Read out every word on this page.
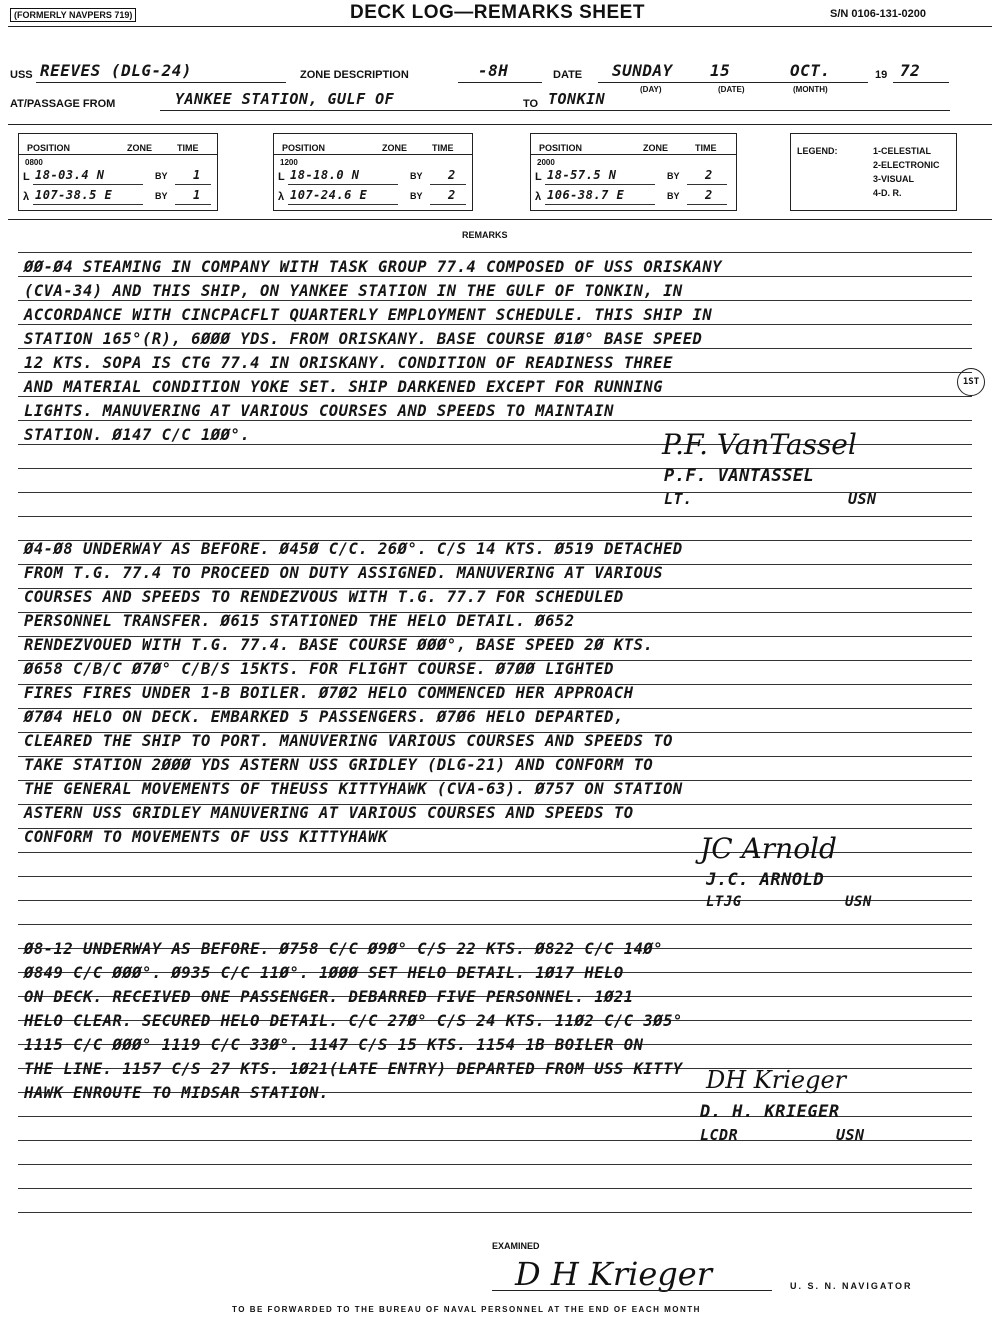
(FORMERLY NAVPERS 719)	DECK LOG—REMARKS SHEET	S/N 0106-131-0200
USS REEVES (DLG-24)	ZONE DESCRIPTION	-8H	DATE SUNDAY 15	OCT.	19 72
(DAY)	(DATE)	(MONTH)
AT/PASSAGE FROM	YANKEE STATION, GULF OF	TO TONKIN
POSITION	ZONE	TIME
0800
L 18-03.4 N	BY 1
λ 107-38.5 E	BY 1
POSITION	ZONE	TIME
1200
L 18-18.0 N	BY 2
λ 107-24.6 E	BY 2
POSITION	ZONE	TIME
2000
L 18-57.5 N	BY 2
λ 106-38.7 E	BY 2
LEGEND:	1-CELESTIAL
2-ELECTRONIC
3-VISUAL
4-D. R.
REMARKS
ØØ-Ø4 STEAMING IN COMPANY WITH TASK GROUP 77.4 COMPOSED OF USS ORISKANY
(CVA-34) AND THIS SHIP, ON YANKEE STATION IN THE GULF OF TONKIN, IN
ACCORDANCE WITH CINCPACFLT QUARTERLY EMPLOYMENT SCHEDULE. THIS SHIP IN
STATION 165°(R), 6ØØØ YDS. FROM ORISKANY. BASE COURSE Ø1Ø° BASE SPEED
12 KTS. SOPA IS CTG 77.4 IN ORISKANY. CONDITION OF READINESS THREE
AND MATERIAL CONDITION YOKE SET. SHIP DARKENED EXCEPT FOR RUNNING
LIGHTS. MANUVERING AT VARIOUS COURSES AND SPEEDS TO MAINTAIN
STATION. Ø147 C/C 1ØØ°.
1ST
P.F. VanTassel
P.F. VANTASSEL
LT.	USN
Ø4-Ø8 UNDERWAY AS BEFORE. Ø45Ø C/C. 26Ø°. C/S 14 KTS. Ø519 DETACHED
FROM T.G. 77.4 TO PROCEED ON DUTY ASSIGNED. MANUVERING AT VARIOUS
COURSES AND SPEEDS TO RENDEZVOUS WITH T.G. 77.7 FOR SCHEDULED
PERSONNEL TRANSFER. Ø615 STATIONED THE HELO DETAIL. Ø652
RENDEZVOUED WITH T.G. 77.4. BASE COURSE ØØØ°, BASE SPEED 2Ø KTS.
Ø658 C/B/C Ø7Ø° C/B/S 15KTS. FOR FLIGHT COURSE. Ø7ØØ LIGHTED
FIRES FIRES UNDER 1-B BOILER. Ø7Ø2 HELO COMMENCED HER APPROACH
Ø7Ø4 HELO ON DECK. EMBARKED 5 PASSENGERS. Ø7Ø6 HELO DEPARTED,
CLEARED THE SHIP TO PORT. MANUVERING VARIOUS COURSES AND SPEEDS TO
TAKE STATION 2ØØØ YDS ASTERN USS GRIDLEY (DLG-21) AND CONFORM TO
THE GENERAL MOVEMENTS OF THEUSS KITTYHAWK (CVA-63). Ø757 ON STATION
ASTERN USS GRIDLEY MANUVERING AT VARIOUS COURSES AND SPEEDS TO
CONFORM TO MOVEMENTS OF USS KITTYHAWK	JC Arnold
J.C. ARNOLD
LTJG	USN
Ø8-12 UNDERWAY AS BEFORE. Ø758 C/C Ø9Ø° C/S 22 KTS. Ø822 C/C 14Ø°
Ø849 C/C ØØØ°. Ø935 C/C 11Ø°. 1ØØØ SET HELO DETAIL. 1Ø17 HELO
ON DECK. RECEIVED ONE PASSENGER. DEBARRED FIVE PERSONNEL. 1Ø21
HELO CLEAR. SECURED HELO DETAIL. C/C 27Ø° C/S 24 KTS. 11Ø2 C/C 3Ø5°
1115 C/C ØØØ° 1119 C/C 33Ø°. 1147 C/S 15 KTS. 1154 1B BOILER ON
THE LINE. 1157 C/S 27 KTS. 1Ø21(LATE ENTRY) DEPARTED FROM USS KITTY
HAWK ENROUTE TO MIDSAR STATION.	DH Krieger
D. H. KRIEGER
LCDR	USN
EXAMINED
D H Krieger	U. S. N. NAVIGATOR
TO BE FORWARDED TO THE BUREAU OF NAVAL PERSONNEL AT THE END OF EACH MONTH
